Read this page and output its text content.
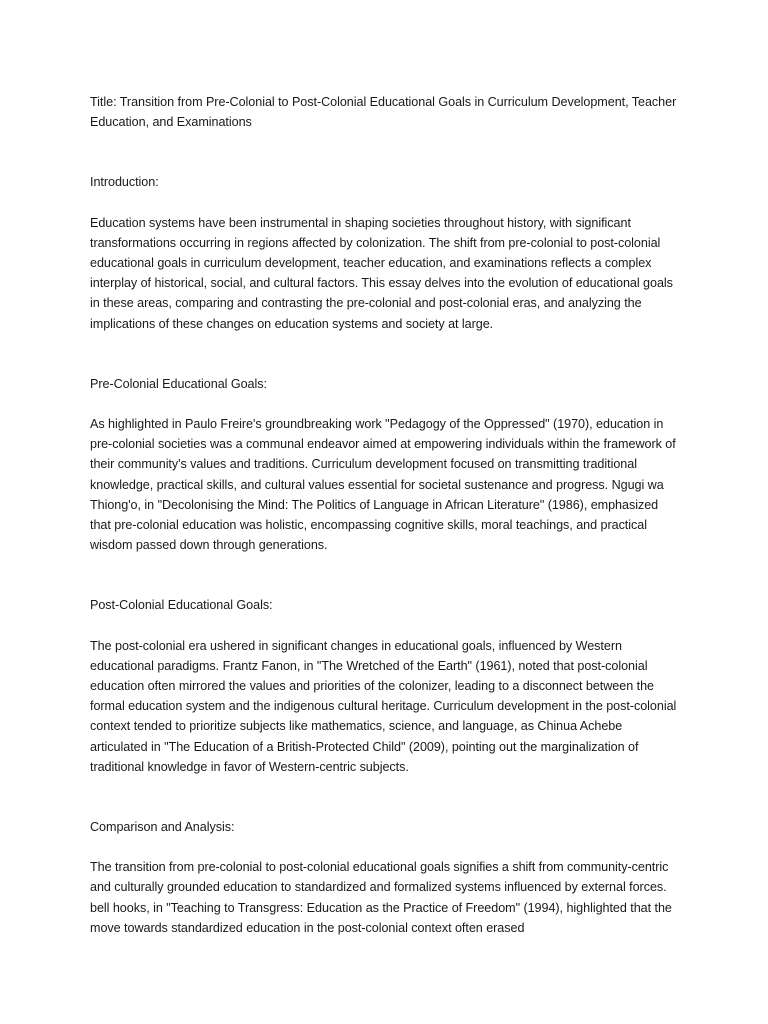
Title: Transition from Pre-Colonial to Post-Colonial Educational Goals in Curriculum Development, Teacher Education, and Examinations

Introduction:

Education systems have been instrumental in shaping societies throughout history, with significant transformations occurring in regions affected by colonization. The shift from pre-colonial to post-colonial educational goals in curriculum development, teacher education, and examinations reflects a complex interplay of historical, social, and cultural factors. This essay delves into the evolution of educational goals in these areas, comparing and contrasting the pre-colonial and post-colonial eras, and analyzing the implications of these changes on education systems and society at large.

Pre-Colonial Educational Goals:

As highlighted in Paulo Freire's groundbreaking work "Pedagogy of the Oppressed" (1970), education in pre-colonial societies was a communal endeavor aimed at empowering individuals within the framework of their community's values and traditions. Curriculum development focused on transmitting traditional knowledge, practical skills, and cultural values essential for societal sustenance and progress. Ngugi wa Thiong'o, in "Decolonising the Mind: The Politics of Language in African Literature" (1986), emphasized that pre-colonial education was holistic, encompassing cognitive skills, moral teachings, and practical wisdom passed down through generations.

Post-Colonial Educational Goals:

The post-colonial era ushered in significant changes in educational goals, influenced by Western educational paradigms. Frantz Fanon, in "The Wretched of the Earth" (1961), noted that post-colonial education often mirrored the values and priorities of the colonizer, leading to a disconnect between the formal education system and the indigenous cultural heritage. Curriculum development in the post-colonial context tended to prioritize subjects like mathematics, science, and language, as Chinua Achebe articulated in "The Education of a British-Protected Child" (2009), pointing out the marginalization of traditional knowledge in favor of Western-centric subjects.

Comparison and Analysis:

The transition from pre-colonial to post-colonial educational goals signifies a shift from community-centric and culturally grounded education to standardized and formalized systems influenced by external forces. bell hooks, in "Teaching to Transgress: Education as the Practice of Freedom" (1994), highlighted that the move towards standardized education in the post-colonial context often erased
